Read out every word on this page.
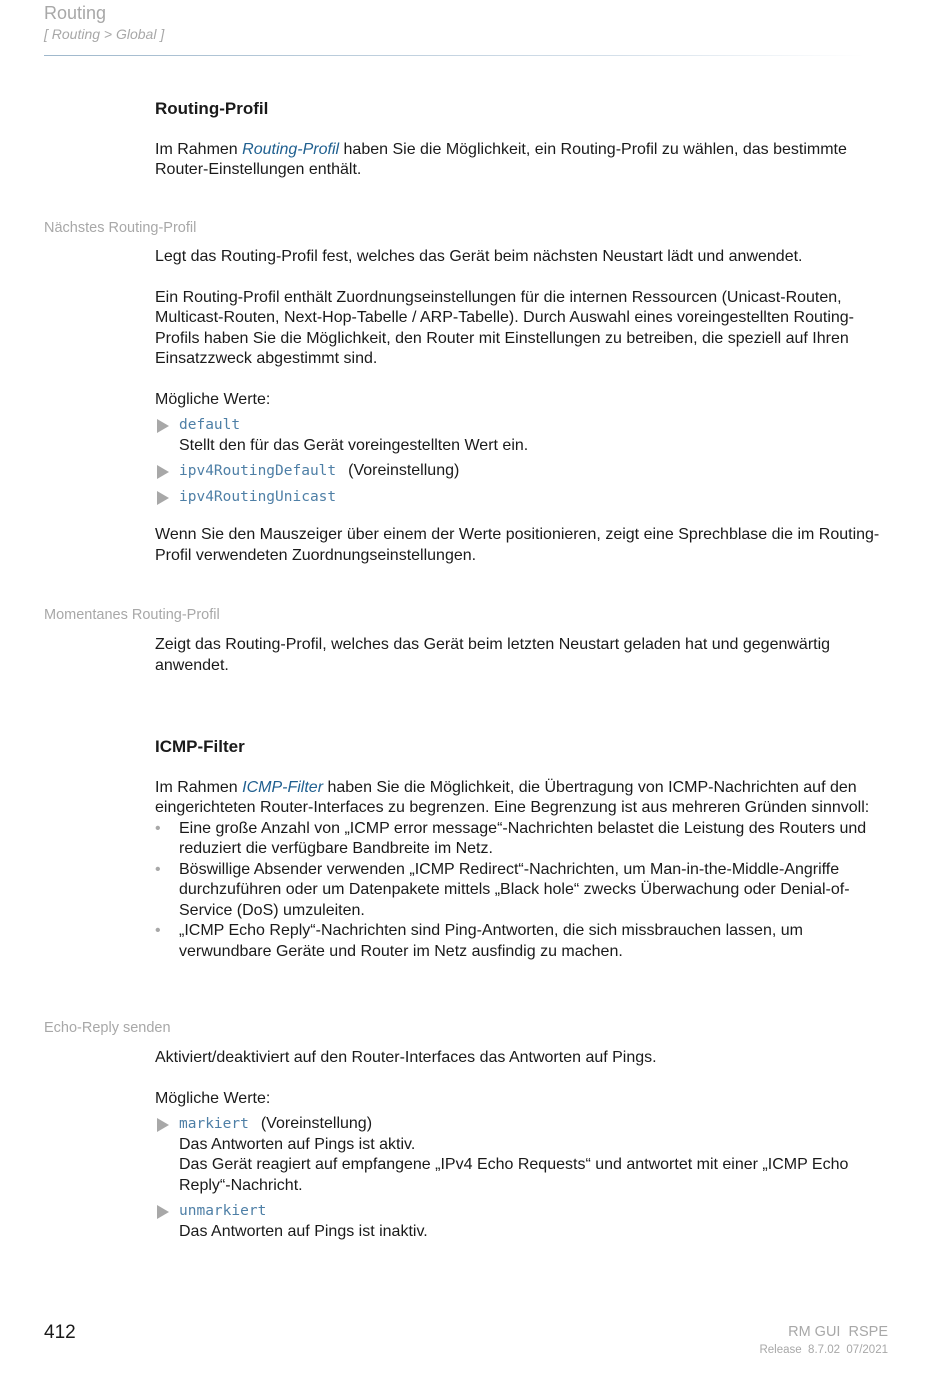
Routing
[ Routing > Global ]
Routing-Profil

Im Rahmen Routing-Profil haben Sie die Möglichkeit, ein Routing-Profil zu wählen, das bestimmte Router-Einstellungen enthält.

Nächstes Routing-Profil

Legt das Routing-Profil fest, welches das Gerät beim nächsten Neustart lädt und anwendet.

Ein Routing-Profil enthält Zuordnungseinstellungen für die internen Ressourcen (Unicast-Routen, Multicast-Routen, Next-Hop-Tabelle / ARP-Tabelle). Durch Auswahl eines voreingestellten Routing-Profils haben Sie die Möglichkeit, den Router mit Einstellungen zu betreiben, die speziell auf Ihren Einsatzzweck abgestimmt sind.

Mögliche Werte:

default
Stellt den für das Gerät voreingestellten Wert ein.
ipv4RoutingDefault (Voreinstellung)
ipv4RoutingUnicast

Wenn Sie den Mauszeiger über einem der Werte positionieren, zeigt eine Sprechblase die im Routing-Profil verwendeten Zuordnungseinstellungen.

Momentanes Routing-Profil

Zeigt das Routing-Profil, welches das Gerät beim letzten Neustart geladen hat und gegenwärtig anwendet.

ICMP-Filter

Im Rahmen ICMP-Filter haben Sie die Möglichkeit, die Übertragung von ICMP-Nachrichten auf den eingerichteten Router-Interfaces zu begrenzen. Eine Begrenzung ist aus mehreren Gründen sinnvoll:

• Eine große Anzahl von „ICMP error message“-Nachrichten belastet die Leistung des Routers und reduziert die verfügbare Bandbreite im Netz.
• Böswillige Absender verwenden „ICMP Redirect“-Nachrichten, um Man-in-the-Middle-Angriffe durchzuführen oder um Datenpakete mittels „Black hole“ zwecks Überwachung oder Denial-of-Service (DoS) umzuleiten.
• „ICMP Echo Reply“-Nachrichten sind Ping-Antworten, die sich missbrauchen lassen, um verwundbare Geräte und Router im Netz ausfindig zu machen.
Echo-Reply senden

Aktiviert/deaktiviert auf den Router-Interfaces das Antworten auf Pings.

Mögliche Werte:

markiert (Voreinstellung)
Das Antworten auf Pings ist aktiv.
Das Gerät reagiert auf empfangene „IPv4 Echo Requests“ und antwortet mit einer „ICMP Echo Reply“-Nachricht.
unmarkiert
Das Antworten auf Pings ist inaktiv.
412	RM GUI  RSPE
Release  8.7.02  07/2021
